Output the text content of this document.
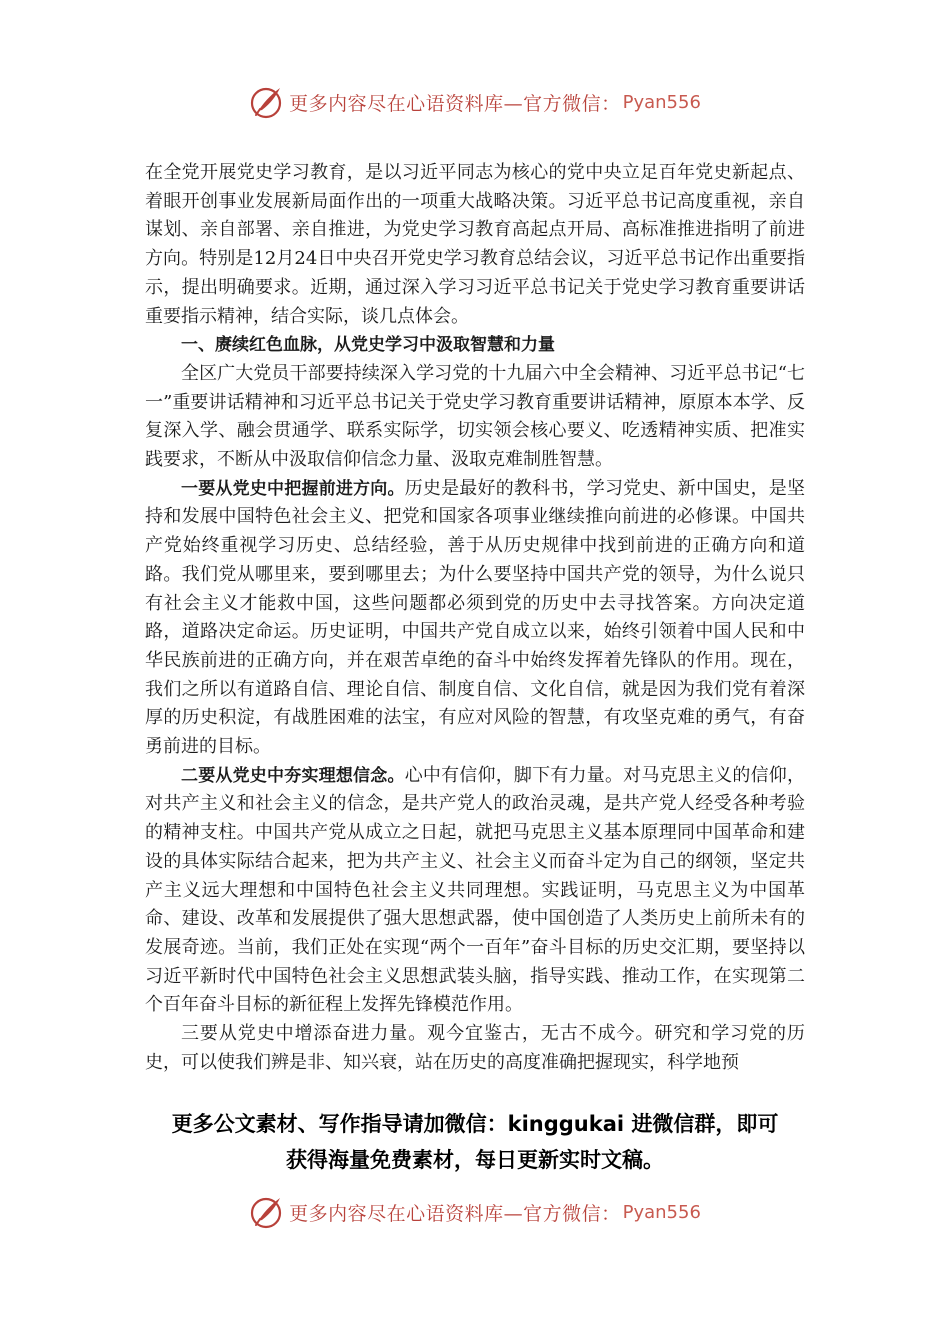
更多内容尽在心语资料库—官方微信： Pyan556

在全党开展党史学习教育，是以习近平同志为核心的党中央立足百年党史新起点、着眼开创事业发展新局面作出的一项重大战略决策。习近平总书记高度重视，亲自谋划、亲自部署、亲自推进，为党史学习教育高起点开局、高标准推进指明了前进方向。特别是12月24日中央召开党史学习教育总结会议，习近平总书记作出重要指示，提出明确要求。近期，通过深入学习习近平总书记关于党史学习教育重要讲话重要指示精神，结合实际，谈几点体会。

一、赓续红色血脉，从党史学习中汲取智慧和力量

全区广大党员干部要持续深入学习党的十九届六中全会精神、习近平总书记“七一”重要讲话精神和习近平总书记关于党史学习教育重要讲话精神，原原本本学、反复深入学、融会贯通学、联系实际学，切实领会核心要义、吃透精神实质、把准实践要求，不断从中汲取信仰信念力量、汲取克难制胜智慧。

一要从党史中把握前进方向。历史是最好的教科书，学习党史、新中国史，是坚持和发展中国特色社会主义、把党和国家各项事业继续推向前进的必修课。中国共产党始终重视学习历史、总结经验，善于从历史规律中找到前进的正确方向和道路。我们党从哪里来，要到哪里去；为什么要坚持中国共产党的领导，为什么说只有社会主义才能救中国，这些问题都必须到党的历史中去寻找答案。方向决定道路，道路决定命运。历史证明，中国共产党自成立以来，始终引领着中国人民和中华民族前进的正确方向，并在艰苦卓绝的奋斗中始终发挥着先锋队的作用。现在，我们之所以有道路自信、理论自信、制度自信、文化自信，就是因为我们党有着深厚的历史积淀，有战胜困难的法宝，有应对风险的智慧，有攻坚克难的勇气，有奋勇前进的目标。

二要从党史中夯实理想信念。心中有信仰，脚下有力量。对马克思主义的信仰，对共产主义和社会主义的信念，是共产党人的政治灵魂，是共产党人经受各种考验的精神支柱。中国共产党从成立之日起，就把马克思主义基本原理同中国革命和建设的具体实际结合起来，把为共产主义、社会主义而奋斗定为自己的纲领，坚定共产主义远大理想和中国特色社会主义共同理想。实践证明，马克思主义为中国革命、建设、改革和发展提供了强大思想武器，使中国创造了人类历史上前所未有的发展奇迹。当前，我们正处在实现“两个一百年”奋斗目标的历史交汇期，要坚持以习近平新时代中国特色社会主义思想武装头脑，指导实践、推动工作，在实现第二个百年奋斗目标的新征程上发挥先锋模范作用。

三要从党史中增添奋进力量。观今宜鉴古，无古不成今。研究和学习党的历史，可以使我们辨是非、知兴衰，站在历史的高度准确把握现实，科学地预

更多公文素材、写作指导请加微信：kinggukai 进微信群，即可
获得海量免费素材，每日更新实时文稿。
更多内容尽在心语资料库—官方微信： Pyan556
